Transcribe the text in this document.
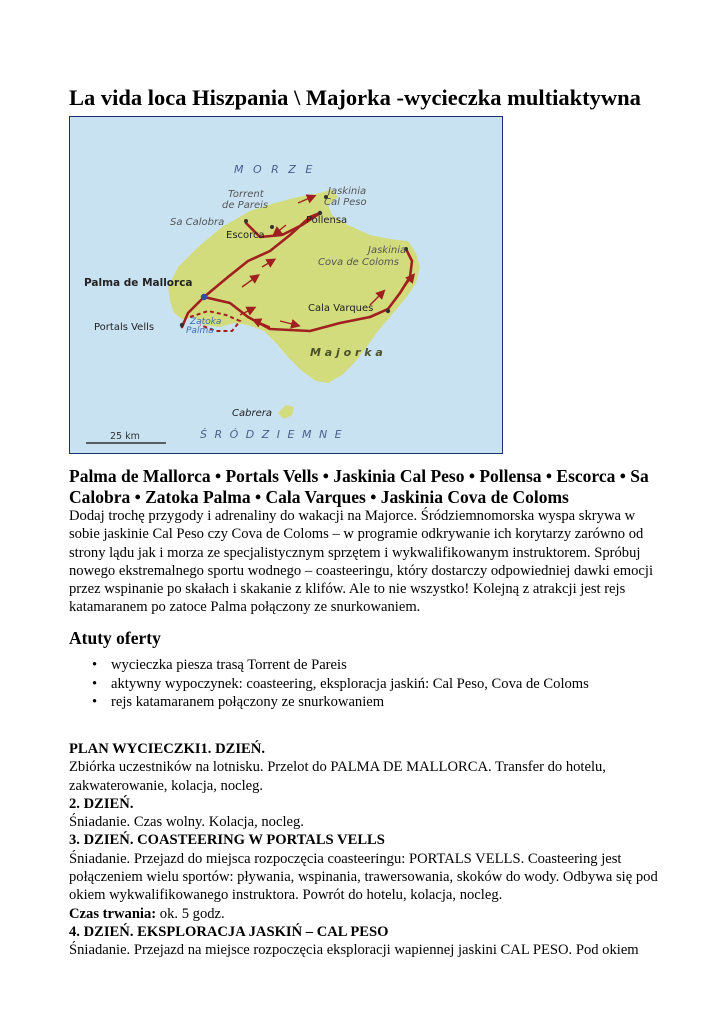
La vida loca Hiszpania \ Majorka -wycieczka multiaktywna
M O R Z E
Ś R Ó D Z I E M N E
M a j o r k a
Torrent
de Pareis
Sa Calobra
Escorca
Pollensa
Jaskinia
Cal Peso
Jaskinia
Cova de Coloms
Palma de Mallorca
Portals Vells	Zatoka
Palma
Cala Varques
Cabrera
25 km

Palma de Mallorca • Portals Vells • Jaskinia Cal Peso • Pollensa • Escorca • Sa Calobra • Zatoka Palma • Cala Varques • Jaskinia Cova de Coloms

Dodaj trochę przygody i adrenaliny do wakacji na Majorce. Śródziemnomorska wyspa skrywa w sobie jaskinie Cal Peso czy Cova de Coloms – w programie odkrywanie ich korytarzy zarówno od strony lądu jak i morza ze specjalistycznym sprzętem i wykwalifikowanym instruktorem. Spróbuj nowego ekstremalnego sportu wodnego – coasteeringu, który dostarczy odpowiedniej dawki emocji przez wspinanie po skałach i skakanie z klifów. Ale to nie wszystko! Kolejną z atrakcji jest rejs katamaranem po zatoce Palma połączony ze snurkowaniem.

Atuty oferty
• wycieczka piesza trasą Torrent de Pareis
• aktywny wypoczynek: coasteering, eksploracja jaskiń: Cal Peso, Cova de Coloms
• rejs katamaranem połączony ze snurkowaniem

PLAN WYCIECZKI1. DZIEŃ.

Zbiórka uczestników na lotnisku. Przelot do PALMA DE MALLORCA. Transfer do hotelu, zakwaterowanie, kolacja, nocleg.

2. DZIEŃ.

Śniadanie. Czas wolny. Kolacja, nocleg.

3. DZIEŃ. COASTEERING W PORTALS VELLS

Śniadanie. Przejazd do miejsca rozpoczęcia coasteeringu: PORTALS VELLS. Coasteering jest połączeniem wielu sportów: pływania, wspinania, trawersowania, skoków do wody. Odbywa się pod okiem wykwalifikowanego instruktora. Powrót do hotelu, kolacja, nocleg.

Czas trwania: ok. 5 godz.

4. DZIEŃ. EKSPLORACJA JASKIŃ – CAL PESO

Śniadanie. Przejazd na miejsce rozpoczęcia eksploracji wapiennej jaskini CAL PESO. Pod okiem
